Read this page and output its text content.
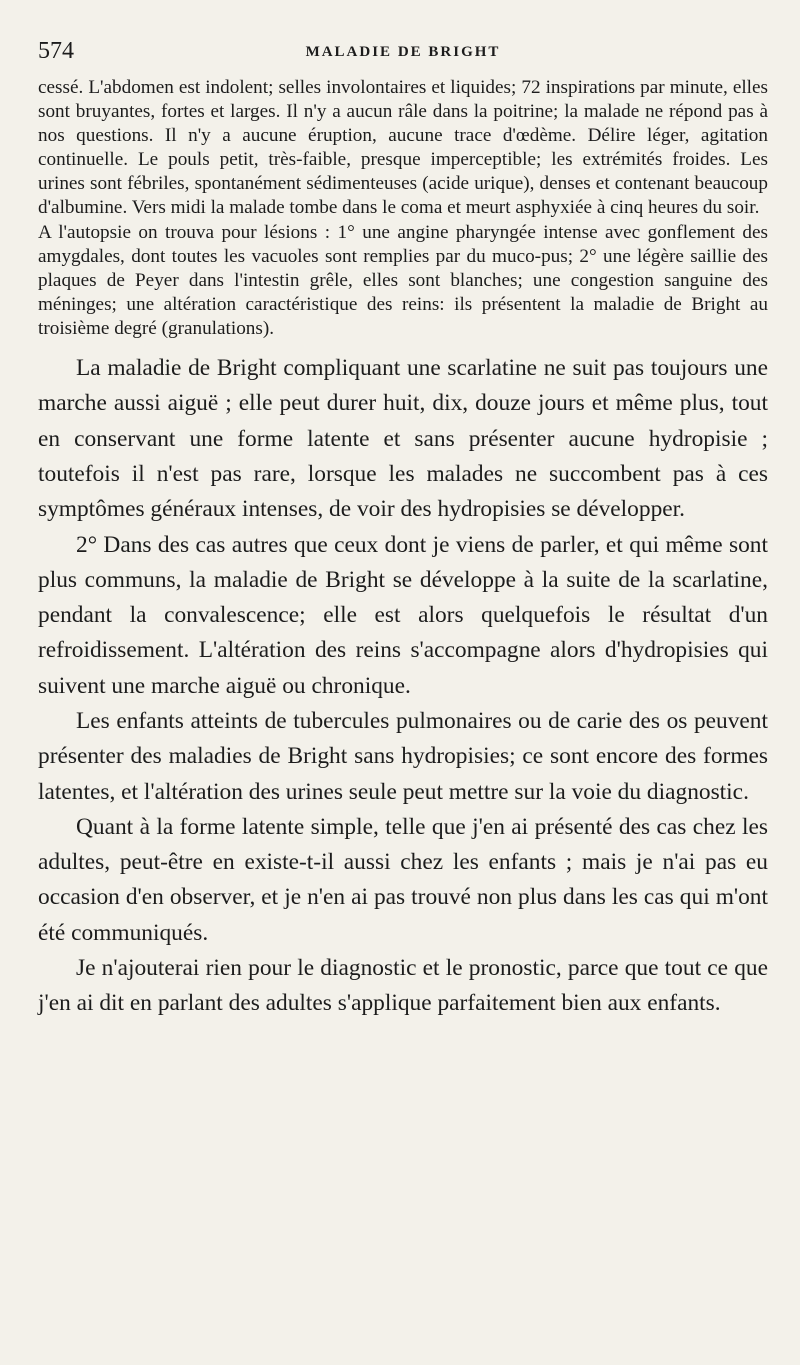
574	MALADIE DE BRIGHT

cessé. L'abdomen est indolent; selles involontaires et liquides; 72 inspirations par minute, elles sont bruyantes, fortes et larges. Il n'y a aucun râle dans la poitrine; la malade ne répond pas à nos questions. Il n'y a aucune éruption, aucune trace d'œdème. Délire léger, agitation continuelle. Le pouls petit, très-faible, presque imperceptible; les extrémités froides. Les urines sont fébriles, spontanément sédimenteuses (acide urique), denses et contenant beaucoup d'albumine. Vers midi la malade tombe dans le coma et meurt asphyxiée à cinq heures du soir.

A l'autopsie on trouva pour lésions : 1° une angine pharyngée intense avec gonflement des amygdales, dont toutes les vacuoles sont remplies par du muco-pus; 2° une légère saillie des plaques de Peyer dans l'intestin grêle, elles sont blanches; une congestion sanguine des méninges; une altération caractéristique des reins: ils présentent la maladie de Bright au troisième degré (granulations).

La maladie de Bright compliquant une scarlatine ne suit pas toujours une marche aussi aiguë ; elle peut durer huit, dix, douze jours et même plus, tout en conservant une forme latente et sans présenter aucune hydropisie ; toutefois il n'est pas rare, lorsque les malades ne succombent pas à ces symptômes généraux intenses, de voir des hydropisies se développer.

2° Dans des cas autres que ceux dont je viens de parler, et qui même sont plus communs, la maladie de Bright se développe à la suite de la scarlatine, pendant la convalescence; elle est alors quelquefois le résultat d'un refroidissement. L'altération des reins s'accompagne alors d'hydropisies qui suivent une marche aiguë ou chronique.

Les enfants atteints de tubercules pulmonaires ou de carie des os peuvent présenter des maladies de Bright sans hydropisies; ce sont encore des formes latentes, et l'altération des urines seule peut mettre sur la voie du diagnostic.

Quant à la forme latente simple, telle que j'en ai présenté des cas chez les adultes, peut-être en existe-t-il aussi chez les enfants ; mais je n'ai pas eu occasion d'en observer, et je n'en ai pas trouvé non plus dans les cas qui m'ont été communiqués.

Je n'ajouterai rien pour le diagnostic et le pronostic, parce que tout ce que j'en ai dit en parlant des adultes s'applique parfaitement bien aux enfants.
